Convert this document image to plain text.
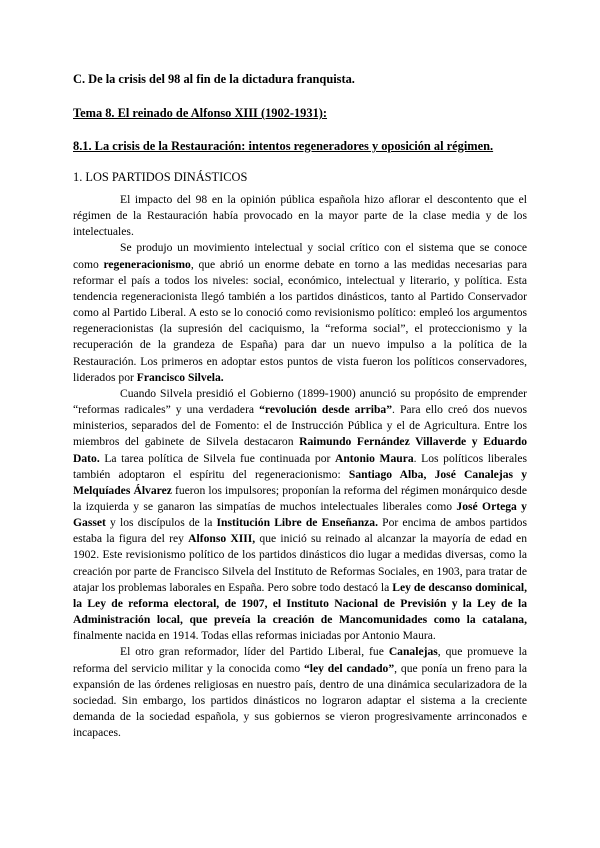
C. De la crisis del 98 al fin de la dictadura franquista.

Tema 8. El reinado de Alfonso XIII (1902-1931):

8.1. La crisis de la Restauración: intentos regeneradores y oposición al régimen.

1. LOS PARTIDOS DINÁSTICOS

El impacto del 98 en la opinión pública española hizo aflorar el descontento que el régimen de la Restauración había provocado en la mayor parte de la clase media y de los intelectuales.

Se produjo un movimiento intelectual y social crítico con el sistema que se conoce como regeneracionismo, que abrió un enorme debate en torno a las medidas necesarias para reformar el país a todos los niveles: social, económico, intelectual y literario, y política. Esta tendencia regeneracionista llegó también a los partidos dinásticos, tanto al Partido Conservador como al Partido Liberal. A esto se lo conoció como revisionismo político: empleó los argumentos regeneracionistas (la supresión del caciquismo, la “reforma social”, el proteccionismo y la recuperación de la grandeza de España) para dar un nuevo impulso a la política de la Restauración. Los primeros en adoptar estos puntos de vista fueron los políticos conservadores, liderados por Francisco Silvela.

Cuando Silvela presidió el Gobierno (1899-1900) anunció su propósito de emprender “reformas radicales” y una verdadera “revolución desde arriba”. Para ello creó dos nuevos ministerios, separados del de Fomento: el de Instrucción Pública y el de Agricultura. Entre los miembros del gabinete de Silvela destacaron Raimundo Fernández Villaverde y Eduardo Dato. La tarea política de Silvela fue continuada por Antonio Maura. Los políticos liberales también adoptaron el espíritu del regeneracionismo: Santiago Alba, José Canalejas y Melquíades Álvarez fueron los impulsores; proponían la reforma del régimen monárquico desde la izquierda y se ganaron las simpatías de muchos intelectuales liberales como José Ortega y Gasset y los discípulos de la Institución Libre de Enseñanza. Por encima de ambos partidos estaba la figura del rey Alfonso XIII, que inició su reinado al alcanzar la mayoría de edad en 1902. Este revisionismo político de los partidos dinásticos dio lugar a medidas diversas, como la creación por parte de Francisco Silvela del Instituto de Reformas Sociales, en 1903, para tratar de atajar los problemas laborales en España. Pero sobre todo destacó la Ley de descanso dominical, la Ley de reforma electoral, de 1907, el Instituto Nacional de Previsión y la Ley de la Administración local, que preveía la creación de Mancomunidades como la catalana, finalmente nacida en 1914. Todas ellas reformas iniciadas por Antonio Maura.

El otro gran reformador, líder del Partido Liberal, fue Canalejas, que promueve la reforma del servicio militar y la conocida como “ley del candado”, que ponía un freno para la expansión de las órdenes religiosas en nuestro país, dentro de una dinámica secularizadora de la sociedad. Sin embargo, los partidos dinásticos no lograron adaptar el sistema a la creciente demanda de la sociedad española, y sus gobiernos se vieron progresivamente arrinconados e incapaces.
